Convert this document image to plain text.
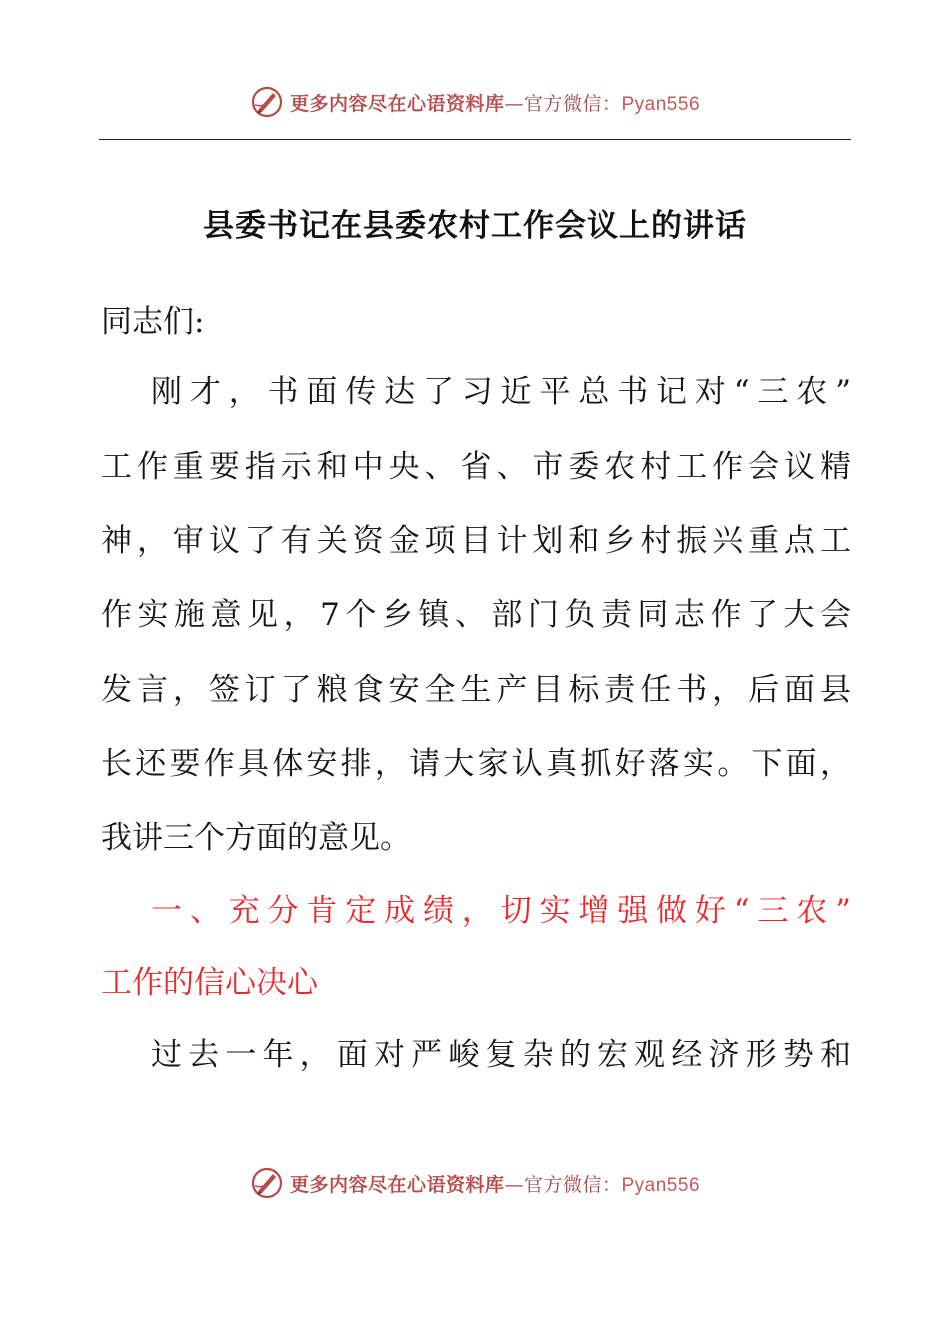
更多内容尽在心语资料库—官方微信：Pyan556
县委书记在县委农村工作会议上的讲话
同志们:
刚才，书面传达了习近平总书记对“三农”
工作重要指示和中央、省、市委农村工作会议精
神，审议了有关资金项目计划和乡村振兴重点工
作实施意见，7个乡镇、部门负责同志作了大会
发言，签订了粮食安全生产目标责任书，后面县
长还要作具体安排，请大家认真抓好落实。下面，
我讲三个方面的意见。
一、充分肯定成绩，切实增强做好“三农”
工作的信心决心
过去一年，面对严峻复杂的宏观经济形势和
更多内容尽在心语资料库—官方微信：Pyan556
